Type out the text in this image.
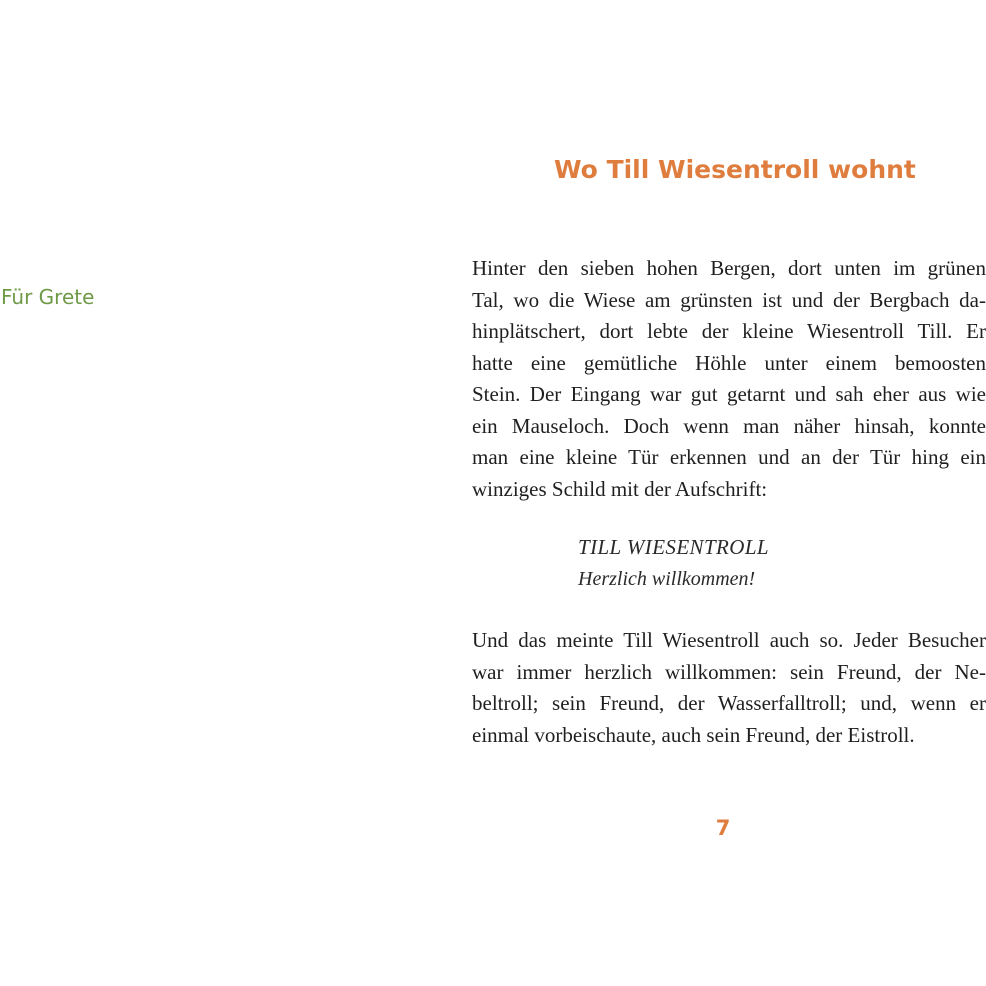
Für Grete

Wo Till Wiesentroll wohnt

Hinter den sieben hohen Bergen, dort unten im grünen
Tal, wo die Wiese am grünsten ist und der Bergbach da-
hinplätschert, dort lebte der kleine Wiesentroll Till. Er
hatte eine gemütliche Höhle unter einem bemoosten
Stein. Der Eingang war gut getarnt und sah eher aus wie
ein Mauseloch. Doch wenn man näher hinsah, konnte
man eine kleine Tür erkennen und an der Tür hing ein
winziges Schild mit der Aufschrift:

TILL WIESENTROLL
Herzlich willkommen!

Und das meinte Till Wiesentroll auch so. Jeder Besucher
war immer herzlich willkommen: sein Freund, der Ne-
beltroll; sein Freund, der Wasserfalltroll; und, wenn er
einmal vorbeischaute, auch sein Freund, der Eistroll.

7
